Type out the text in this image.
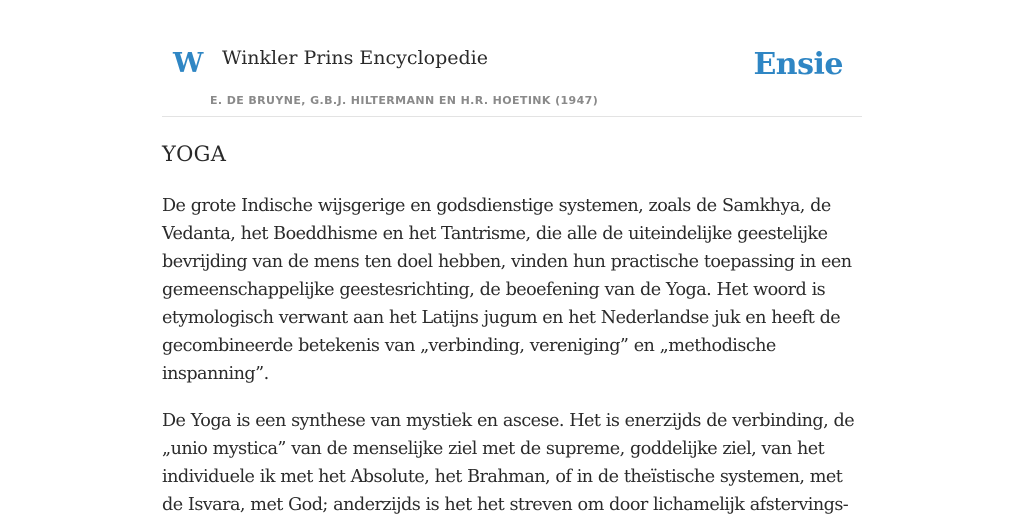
W Winkler Prins Encyclopedie
E. DE BRUYNE, G.B.J. HILTERMANN EN H.R. HOETINK (1947)
Ensie
YOGA

De grote Indische wijsgerige en godsdienstige systemen, zoals de Samkhya, de
Vedanta, het Boeddhisme en het Tantrisme, die alle de uiteindelijke geestelijke
bevrijding van de mens ten doel hebben, vinden hun practische toepassing in een
gemeenschappelijke geestesrichting, de beoefening van de Yoga. Het woord is
etymologisch verwant aan het Latijns jugum en het Nederlandse juk en heeft de
gecombineerde betekenis van „verbinding, vereniging” en „methodische
inspanning”.

De Yoga is een synthese van mystiek en ascese. Het is enerzijds de verbinding, de
„unio mystica” van de menselijke ziel met de supreme, goddelijke ziel, van het
individuele ik met het Absolute, het Brahman, of in de theïstische systemen, met
de Isvara, met God; anderzijds is het het streven om door lichamelijk afstervings-
